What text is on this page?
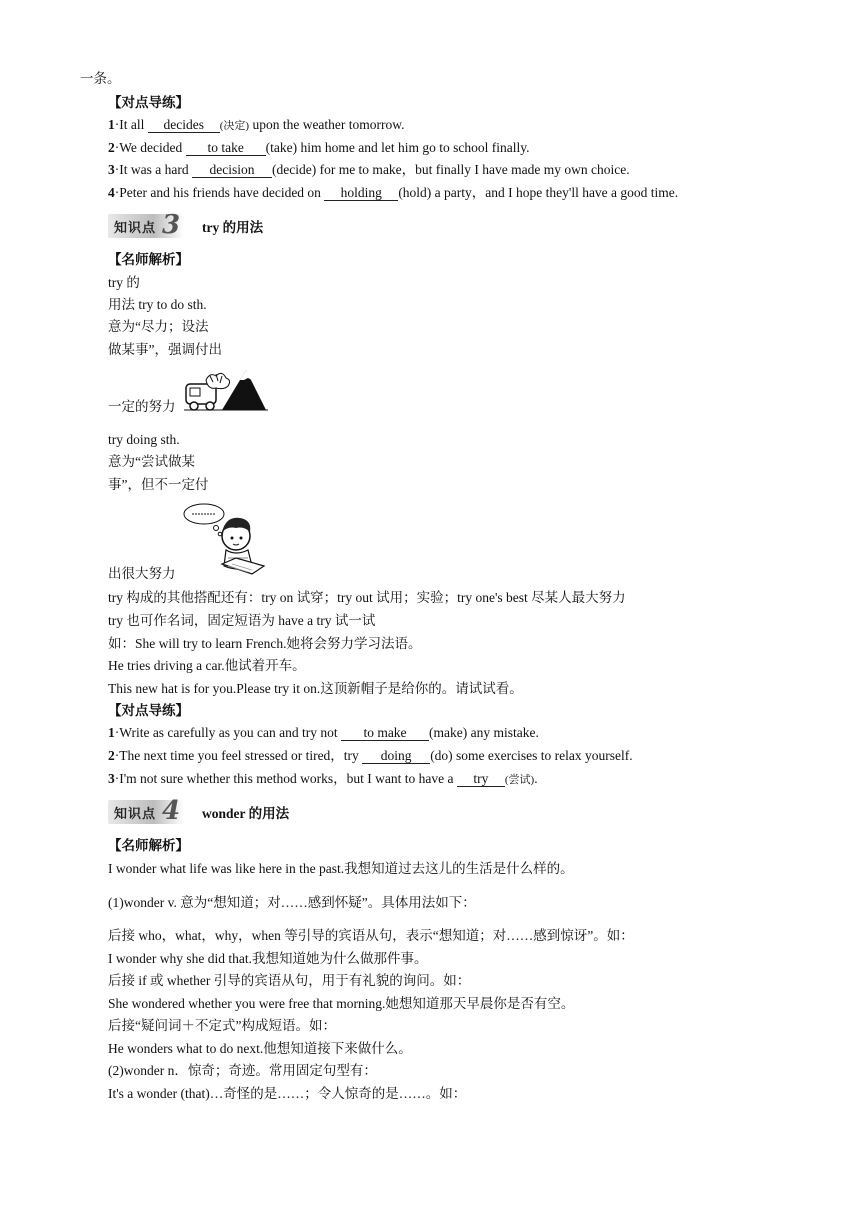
一条。
【对点导练】
1·It all decides (决定) upon the weather tomorrow.
2·We decided to take (take) him home and let him go to school finally.
3·It was a hard decision (decide) for me to make，but finally I have made my own choice.
4·Peter and his friends have decided on holding (hold) a party，and I hope they'll have a good time.
知识点 3 try 的用法
【名师解析】
try 的
用法 try to do sth.
意为“尽力；设法
做某事”，强调付出
一定的努力
try doing sth.
意为“尝试做某
事”，但不一定付
出很大努力
try 构成的其他搭配还有：try on 试穿；try out 试用；实验；try one's best 尽某人最大努力
try 也可作名词，固定短语为 have a try 试一试
如：She will try to learn French.她将会努力学习法语。
He tries driving a car.他试着开车。
This new hat is for you.Please try it on.这顶新帽子是给你的。请试试看。
【对点导练】
1·Write as carefully as you can and try not to make (make) any mistake.
2·The next time you feel stressed or tired，try doing (do) some exercises to relax yourself.
3·I'm not sure whether this method works，but I want to have a try (尝试).
知识点 4 wonder 的用法
【名师解析】
I wonder what life was like here in the past.我想知道过去这儿的生活是什么样的。
(1)wonder v. 意为“想知道；对……感到怀疑”。具体用法如下：
后接 who，what，why，when 等引导的宾语从句，表示“想知道；对……感到惊讶”。如：
I wonder why she did that.我想知道她为什么做那件事。
后接 if 或 whether 引导的宾语从句，用于有礼貌的询问。如：
She wondered whether you were free that morning.她想知道那天早晨你是否有空。
后接“疑问词＋不定式”构成短语。如：
He wonders what to do next.他想知道接下来做什么。
(2)wonder n．惊奇；奇迹。常用固定句型有：
It's a wonder (that)…奇怪的是……；令人惊奇的是……。如：
